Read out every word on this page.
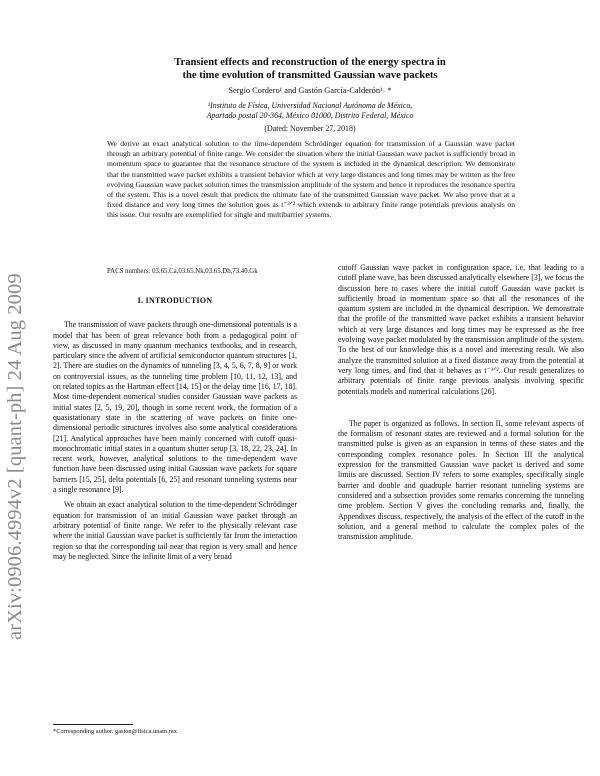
arXiv:0906.4994v2 [quant-ph] 24 Aug 2009
Transient effects and reconstruction of the energy spectra in
the time evolution of transmitted Gaussian wave packets
Sergio Cordero¹ and Gastón García-Calderón¹˒ *
¹Instituto de Física, Universidad Nacional Autónoma de México,
Apartado postal 20-364, México 01000, Distrito Federal, México
(Dated: November 27, 2018)

We derive an exact analytical solution to the time-dependent Schrödinger equation for transmission of a Gaussian wave packet through an arbitrary potential of finite range. We consider the situation where the initial Gaussian wave packet is sufficiently broad in momentum space to guarantee that the resonance structure of the system is included in the dynamical description. We demonstrate that the transmitted wave packet exhibits a transient behavior which at very large distances and long times may be written as the free evolving Gaussian wave packet solution times the transmission amplitude of the system and hence it reproduces the resonance spectra of the system. This is a novel result that predicts the ultimate fate of the transmitted Gaussian wave packet. We also prove that at a fixed distance and very long times the solution goes as t⁻³ᐟ² which extends to arbitrary finite range potentials previous analysis on this issue. Our results are exemplified for single and multibarrier systems.

PACS numbers: 03.65.Ca,03.65.Nk,03.65.Db,73.40.Gk
I. INTRODUCTION

The transmission of wave packets through one-dimensional potentials is a model that has been of great relevance both from a pedagogical point of view, as discussed in many quantum mechanics textbooks, and in research, particulary since the advent of artificial semiconductor quantum structures [1, 2]. There are studies on the dynamics of tunneling [3, 4, 5, 6, 7, 8, 9] or work on controversial issues, as the tunneling time problem [10, 11, 12, 13], and on related topics as the Hartman effect [14, 15] or the delay time [16, 17, 18]. Most time-dependent numerical studies consider Gaussian wave packets as initial states [2, 5, 19, 20], though in some recent work, the formation of a quasistationary state in the scattering of wave packets on finite one-dimensional periodic structures involves also some analytical considerations [21]. Analytical approaches have been mainly concerned with cutoff quasi-monochromatic initial states in a quantum shutter setup [3, 18, 22, 23, 24]. In recent work, however, analytical solutions to the time-dependent wave function have been discussed using initial Gaussian wave packets for square barriers [15, 25], delta potentials [6, 25] and resonant tunneling systems near a single resonance [9].

We obtain an exact analytical solution to the time-dependent Schrödinger equation for transmission of an initial Gaussian wave packet through an arbitrary potential of finite range. We refer to the physically relevant case where the initial Gaussian wave packet is sufficiently far from the interaction region so that the corresponding tail near that region is very small and hence may be neglected. Since the infinite limit of a very broad

cutoff Gaussian wave packet in configuration space, i.e, that leading to a cutoff plane wave, has been discussed analytically elsewhere [3], we focus the discussion here to cases where the initial cutoff Gaussian wave packet is sufficiently broad in momentum space so that all the resonances of the quantum system are included in the dynamical description. We demonstrate that the profile of the transmitted wave packet exhibits a transient behavior which at very large distances and long times may be expressed as the free evolving wave packet modulated by the transmission amplitude of the system. To the best of our knowledge this is a novel and interesting result. We also analyze the transmitted solution at a fixed distance away from the potential at very long times, and find that it behaves as t⁻³ᐟ². Our result generalizes to arbitrary potentials of finite range previous analysis involving specific potentials models and numerical calculations [26].

The paper is organized as follows. In section II, some relevant aspects of the formalism of resonant states are reviewed and a formal solution for the transmitted pulse is given as an expansion in terms of these states and the corresponding complex resonance poles. In Section III the analytical expression for the transmitted Gaussian wave packet is derived and some limits are discussed. Section IV refers to some examples, specifically single barrier and double and quadruple barrier resonant tunneling systems are considered and a subsection provides some remarks concerning the tunneling time problem. Section V gives the concluding remarks and, finally, the Appendixes discuss, respectively, the analysis of the effect of the cutoff in the solution, and a general method to calculate the complex poles of the transmission amplitude.

*Corresponding author. gaston@fisica.unam.mx
